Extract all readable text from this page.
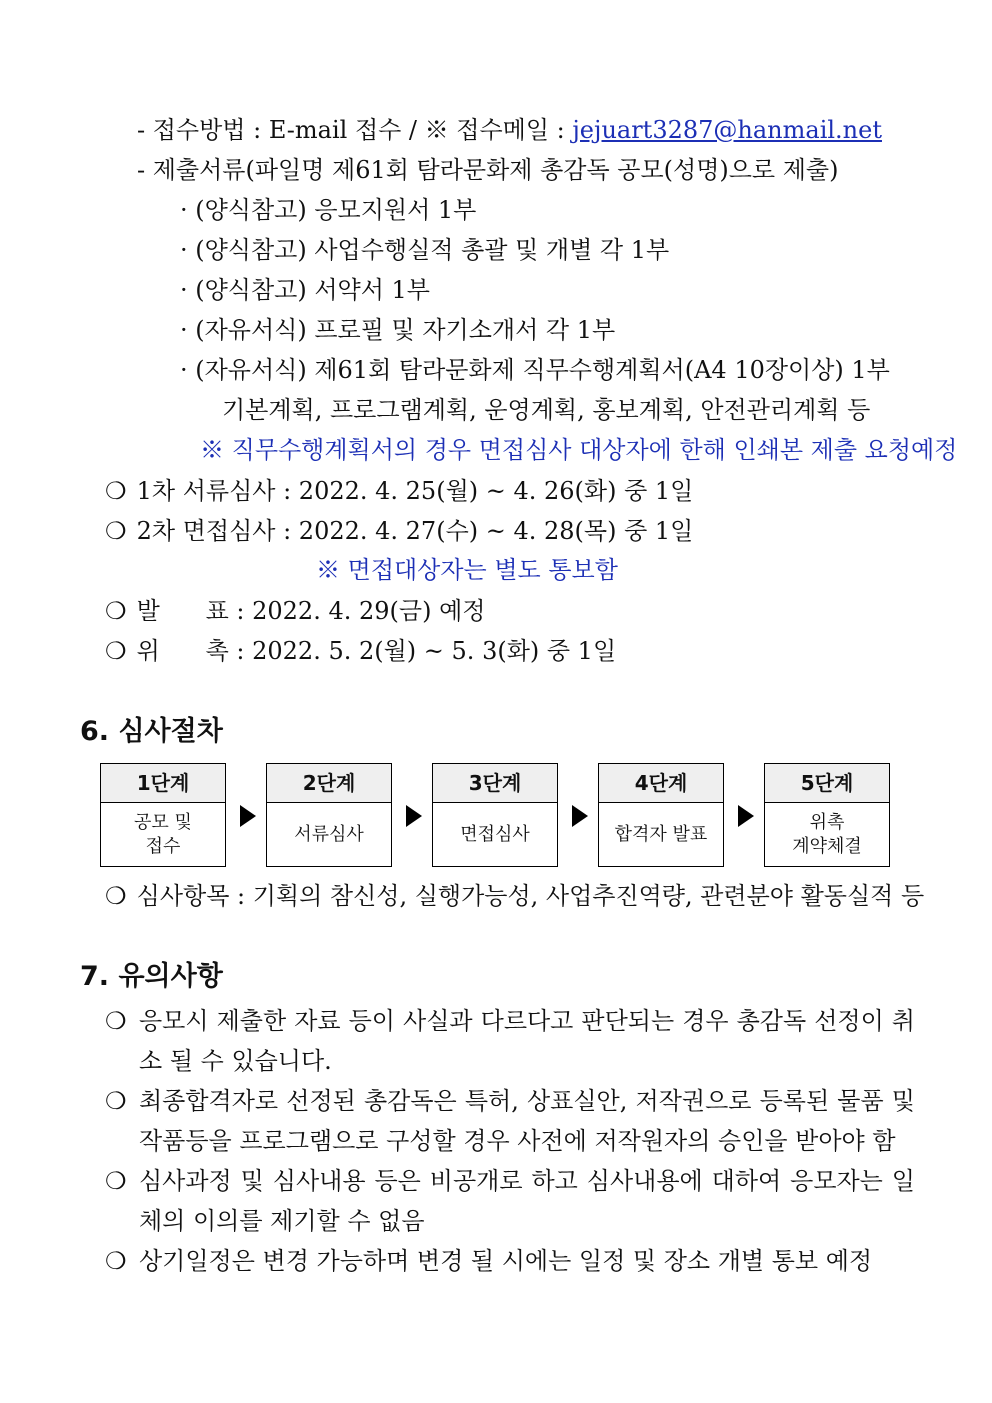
- 접수방법 : E-mail 접수 / ※ 접수메일 : jejuart3287@hanmail.net
- 제출서류(파일명 제61회 탐라문화제 총감독 공모(성명)으로 제출)
· (양식참고) 응모지원서 1부
· (양식참고) 사업수행실적 총괄 및 개별 각 1부
· (양식참고) 서약서 1부
· (자유서식) 프로필 및 자기소개서 각 1부
· (자유서식) 제61회 탐라문화제 직무수행계획서(A4 10장이상) 1부
기본계획, 프로그램계획, 운영계획, 홍보계획, 안전관리계획 등
※ 직무수행계획서의 경우 면접심사 대상자에 한해 인쇄본 제출 요청예정
❍ 1차 서류심사 : 2022. 4. 25(월) ~ 4. 26(화) 중 1일
❍ 2차 면접심사 : 2022. 4. 27(수) ~ 4. 28(목) 중 1일
※ 면접대상자는 별도 통보함
❍ 발      표 : 2022. 4. 29(금) 예정
❍ 위      촉 : 2022. 5. 2(월) ~ 5. 3(화) 중 1일
6. 심사절차
1단계
공모 및
접수
2단계
서류심사
3단계
면접심사
4단계
합격자 발표
5단계
위촉
계약체결
❍ 심사항목 : 기획의 참신성, 실행가능성, 사업추진역량, 관련분야 활동실적 등
7. 유의사항
❍ 응모시 제출한 자료 등이 사실과 다르다고 판단되는 경우 총감독 선정이 취소 될 수 있습니다.
❍ 최종합격자로 선정된 총감독은 특허, 상표실안, 저작권으로 등록된 물품 및 작품등을 프로그램으로 구성할 경우 사전에 저작원자의 승인을 받아야 함
❍ 심사과정 및 심사내용 등은 비공개로 하고 심사내용에 대하여 응모자는 일체의 이의를 제기할 수 없음
❍ 상기일정은 변경 가능하며 변경 될 시에는 일정 및 장소 개별 통보 예정
